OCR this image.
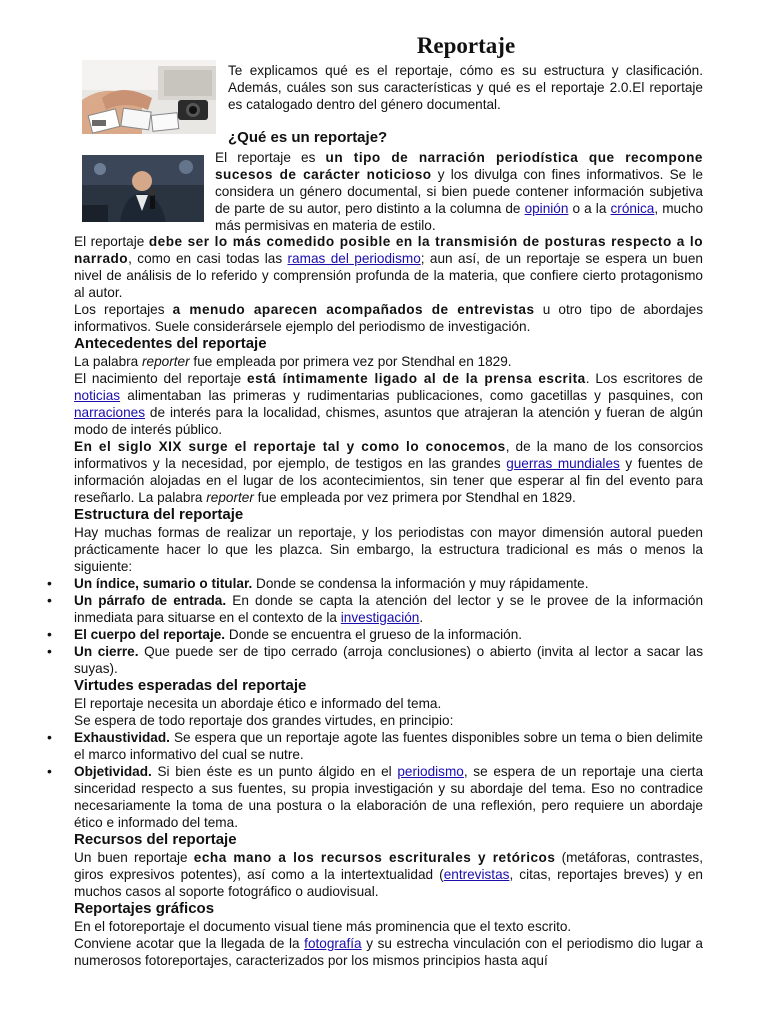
Reportaje

Te explicamos qué es el reportaje, cómo es su estructura y clasificación. Además, cuáles son sus características y qué es el reportaje 2.0.El reportaje es catalogado dentro del género documental.

¿Qué es un reportaje?

El reportaje es un tipo de narración periodística que recompone sucesos de carácter noticioso y los divulga con fines informativos. Se le considera un género documental, si bien puede contener información subjetiva de parte de su autor, pero distinto a la columna de opinión o a la crónica, mucho más permisivas en materia de estilo.

El reportaje debe ser lo más comedido posible en la transmisión de posturas respecto a lo narrado, como en casi todas las ramas del periodismo; aun así, de un reportaje se espera un buen nivel de análisis de lo referido y comprensión profunda de la materia, que confiere cierto protagonismo al autor.

Los reportajes a menudo aparecen acompañados de entrevistas u otro tipo de abordajes informativos. Suele considerársele ejemplo del periodismo de investigación.

Antecedentes del reportaje

La palabra reporter fue empleada por primera vez por Stendhal en 1829.

El nacimiento del reportaje está íntimamente ligado al de la prensa escrita. Los escritores de noticias alimentaban las primeras y rudimentarias publicaciones, como gacetillas y pasquines, con narraciones de interés para la localidad, chismes, asuntos que atrajeran la atención y fueran de algún modo de interés público.

En el siglo XIX surge el reportaje tal y como lo conocemos, de la mano de los consorcios informativos y la necesidad, por ejemplo, de testigos en las grandes guerras mundiales y fuentes de información alojadas en el lugar de los acontecimientos, sin tener que esperar al fin del evento para reseñarlo. La palabra reporter fue empleada por vez primera por Stendhal en 1829.

Estructura del reportaje

Hay muchas formas de realizar un reportaje, y los periodistas con mayor dimensión autoral pueden prácticamente hacer lo que les plazca. Sin embargo, la estructura tradicional es más o menos la siguiente:

• Un índice, sumario o titular. Donde se condensa la información y muy rápidamente.
• Un párrafo de entrada. En donde se capta la atención del lector y se le provee de la información inmediata para situarse en el contexto de la investigación.
• El cuerpo del reportaje. Donde se encuentra el grueso de la información.
• Un cierre. Que puede ser de tipo cerrado (arroja conclusiones) o abierto (invita al lector a sacar las suyas).

Virtudes esperadas del reportaje

El reportaje necesita un abordaje ético e informado del tema.

Se espera de todo reportaje dos grandes virtudes, en principio:

• Exhaustividad. Se espera que un reportaje agote las fuentes disponibles sobre un tema o bien delimite el marco informativo del cual se nutre.
• Objetividad. Si bien éste es un punto álgido en el periodismo, se espera de un reportaje una cierta sinceridad respecto a sus fuentes, su propia investigación y su abordaje del tema. Eso no contradice necesariamente la toma de una postura o la elaboración de una reflexión, pero requiere un abordaje ético e informado del tema.

Recursos del reportaje

Un buen reportaje echa mano a los recursos escriturales y retóricos (metáforas, contrastes, giros expresivos potentes), así como a la intertextualidad (entrevistas, citas, reportajes breves) y en muchos casos al soporte fotográfico o audiovisual.

Reportajes gráficos

En el fotoreportaje el documento visual tiene más prominencia que el texto escrito.

Conviene acotar que la llegada de la fotografía y su estrecha vinculación con el periodismo dio lugar a numerosos fotoreportajes, caracterizados por los mismos principios hasta aquí
